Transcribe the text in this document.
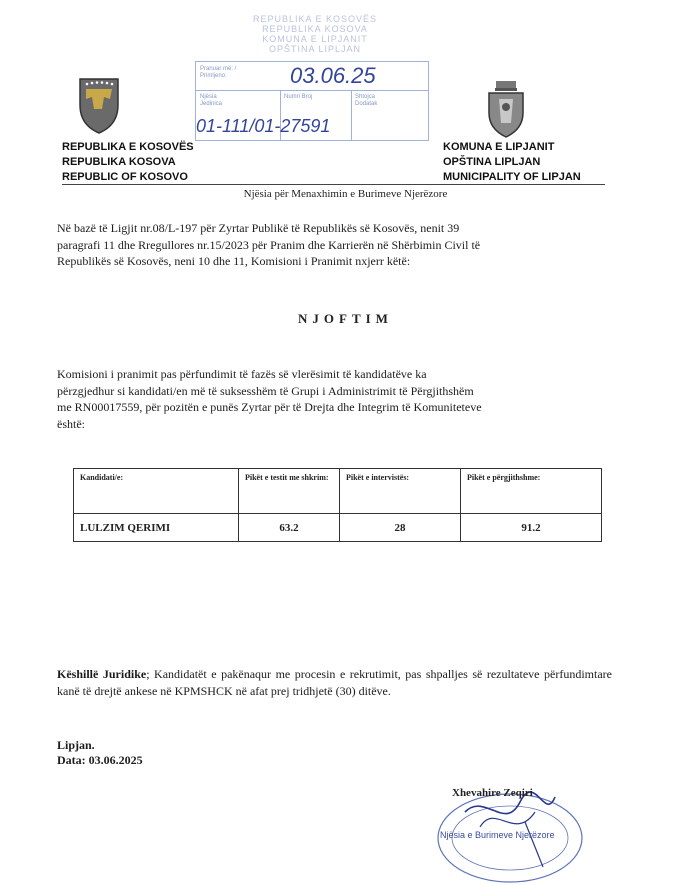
REPUBLIKA E KOSOVËS
REPUBLIKA KOSOVA
KOMUNA E LIPJANIT
OPŠTINA LIPLJAN
Pranuar më: / Primljeno:
Njësia Jedinica
Numri Broj	Shtojca Dodatak
03.06.25
01-111/01-27591
REPUBLIKA E KOSOVËS
REPUBLIKA KOSOVA
REPUBLIC OF KOSOVO
KOMUNA E LIPJANIT
OPŠTINA LIPLJAN
MUNICIPALITY OF LIPJAN
Njësia për Menaxhimin e Burimeve Njerëzore
Në bazë të Ligjit nr.08/L-197 për Zyrtar Publikë të Republikës së Kosovës, nenit 39
paragrafi 11 dhe Rregullores nr.15/2023 për Pranim dhe Karrierën në Shërbimin Civil të
Republikës së Kosovës, neni 10 dhe 11, Komisioni i Pranimit nxjerr këtë:
NJOFTIM
Komisioni i pranimit pas përfundimit të fazës së vlerësimit të kandidatëve ka
përzgjedhur si kandidati/en më të suksesshëm të Grupi i Administrimit të Përgjithshëm
me RN00017559, për pozitën e punës Zyrtar për të Drejta dhe Integrim të Komuniteteve
është:
Kandidati/e:	Pikët e testit me shkrim:	Pikët e intervistës:	Pikët e përgjithshme:
LULZIM QERIMI	63.2	28	91.2
Këshillë Juridike; Kandidatët e pakënaqur me procesin e rekrutimit, pas shpalljes së rezultateve përfundimtare kanë të drejtë ankese në KPMSHCK në afat prej tridhjetë (30) ditëve.
Lipjan.
Data: 03.06.2025
Xhevahire Zeqiri
Njësia e Burimeve Njerëzore
